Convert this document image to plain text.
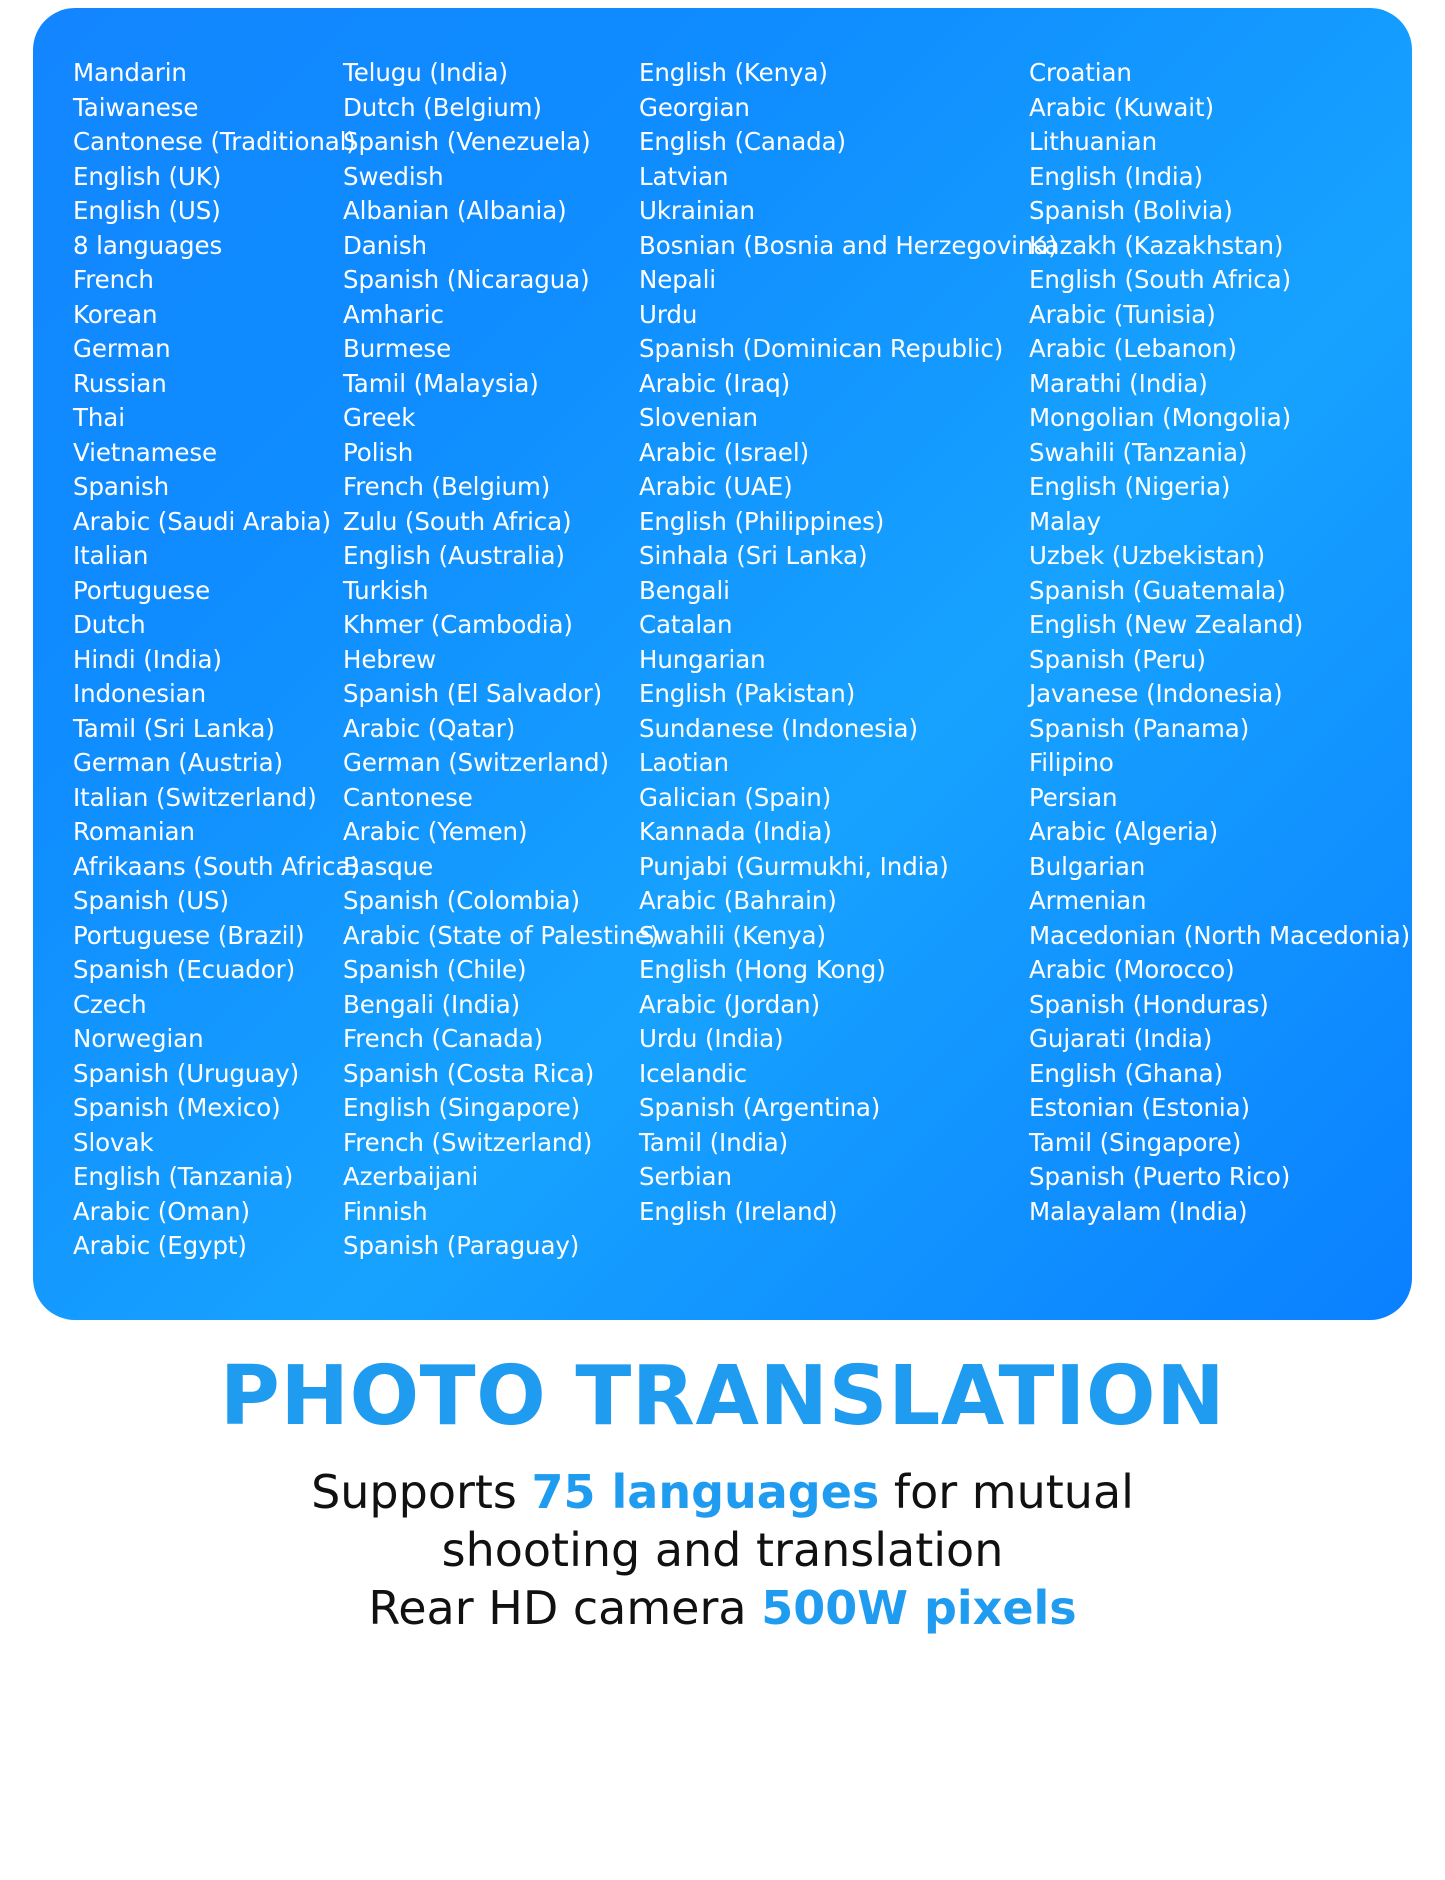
Mandarin
Taiwanese
Cantonese (Traditional)
English (UK)
English (US)
8 languages
French
Korean
German
Russian
Thai
Vietnamese
Spanish
Arabic (Saudi Arabia)
Italian
Portuguese
Dutch
Hindi (India)
Indonesian
Tamil (Sri Lanka)
German (Austria)
Italian (Switzerland)
Romanian
Afrikaans (South Africa)
Spanish (US)
Portuguese (Brazil)
Spanish (Ecuador)
Czech
Norwegian
Spanish (Uruguay)
Spanish (Mexico)
Slovak
English (Tanzania)
Arabic (Oman)
Arabic (Egypt)
Telugu (India)
Dutch (Belgium)
Spanish (Venezuela)
Swedish
Albanian (Albania)
Danish
Spanish (Nicaragua)
Amharic
Burmese
Tamil (Malaysia)
Greek
Polish
French (Belgium)
Zulu (South Africa)
English (Australia)
Turkish
Khmer (Cambodia)
Hebrew
Spanish (El Salvador)
Arabic (Qatar)
German (Switzerland)
Cantonese
Arabic (Yemen)
Basque
Spanish (Colombia)
Arabic (State of Palestine)
Spanish (Chile)
Bengali (India)
French (Canada)
Spanish (Costa Rica)
English (Singapore)
French (Switzerland)
Azerbaijani
Finnish
Spanish (Paraguay)
English (Kenya)
Georgian
English (Canada)
Latvian
Ukrainian
Bosnian (Bosnia and Herzegovina)
Nepali
Urdu
Spanish (Dominican Republic)
Arabic (Iraq)
Slovenian
Arabic (Israel)
Arabic (UAE)
English (Philippines)
Sinhala (Sri Lanka)
Bengali
Catalan
Hungarian
English (Pakistan)
Sundanese (Indonesia)
Laotian
Galician (Spain)
Kannada (India)
Punjabi (Gurmukhi, India)
Arabic (Bahrain)
Swahili (Kenya)
English (Hong Kong)
Arabic (Jordan)
Urdu (India)
Icelandic
Spanish (Argentina)
Tamil (India)
Serbian
English (Ireland)
Croatian
Arabic (Kuwait)
Lithuanian
English (India)
Spanish (Bolivia)
Kazakh (Kazakhstan)
English (South Africa)
Arabic (Tunisia)
Arabic (Lebanon)
Marathi (India)
Mongolian (Mongolia)
Swahili (Tanzania)
English (Nigeria)
Malay
Uzbek (Uzbekistan)
Spanish (Guatemala)
English (New Zealand)
Spanish (Peru)
Javanese (Indonesia)
Spanish (Panama)
Filipino
Persian
Arabic (Algeria)
Bulgarian
Armenian
Macedonian (North Macedonia)
Arabic (Morocco)
Spanish (Honduras)
Gujarati (India)
English (Ghana)
Estonian (Estonia)
Tamil (Singapore)
Spanish (Puerto Rico)
Malayalam (India)
PHOTO TRANSLATION
Supports 75 languages for mutual
shooting and translation
Rear HD camera 500W pixels
